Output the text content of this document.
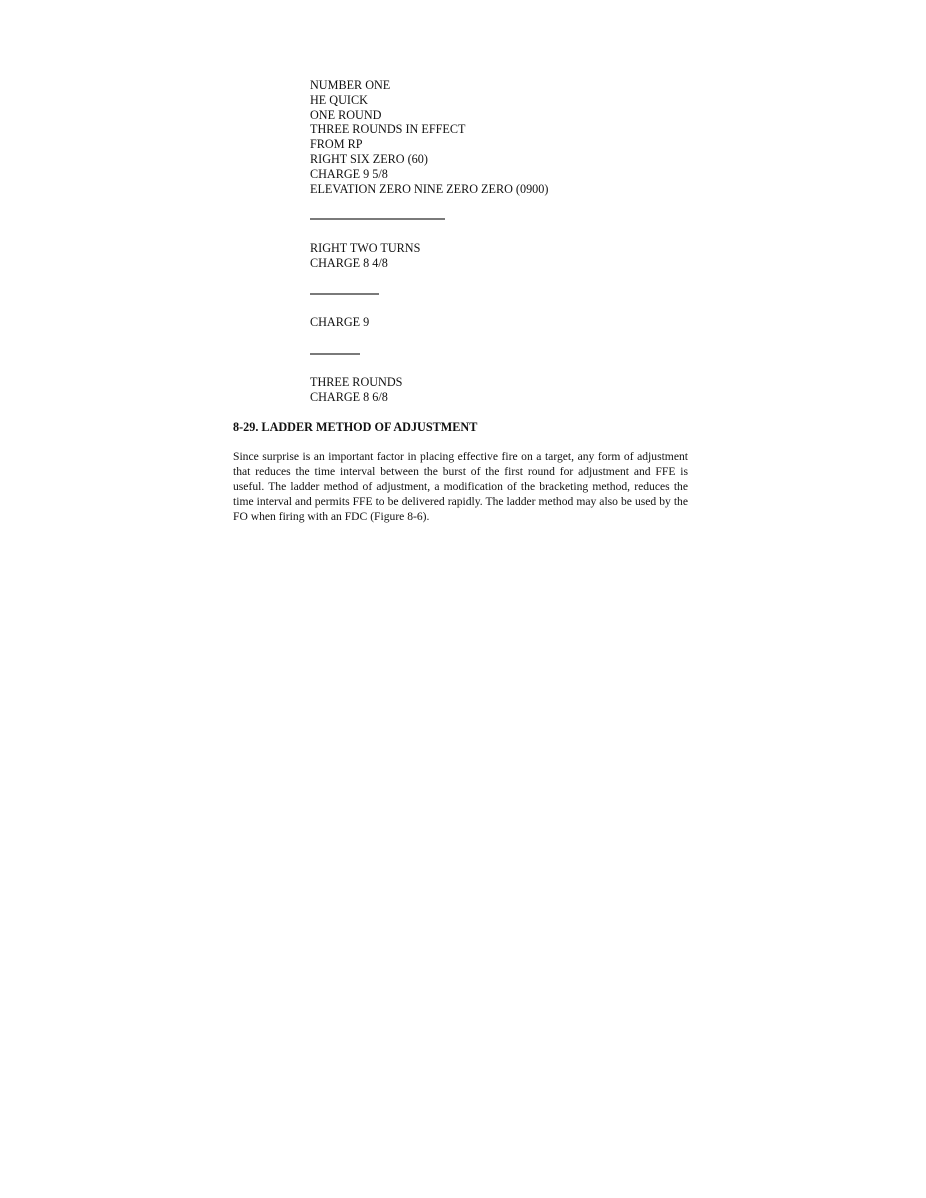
NUMBER ONE
HE QUICK
ONE ROUND
THREE ROUNDS IN EFFECT
FROM RP
RIGHT SIX ZERO (60)
CHARGE 9 5/8
ELEVATION ZERO NINE ZERO ZERO (0900)
RIGHT TWO TURNS
CHARGE 8 4/8
CHARGE 9
THREE ROUNDS
CHARGE 8 6/8
8-29. LADDER METHOD OF ADJUSTMENT

Since surprise is an important factor in placing effective fire on a target, any form of adjustment that reduces the time interval between the burst of the first round for adjustment and FFE is useful. The ladder method of adjustment, a modification of the bracketing method, reduces the time interval and permits FFE to be delivered rapidly. The ladder method may also be used by the FO when firing with an FDC (Figure 8-6).
